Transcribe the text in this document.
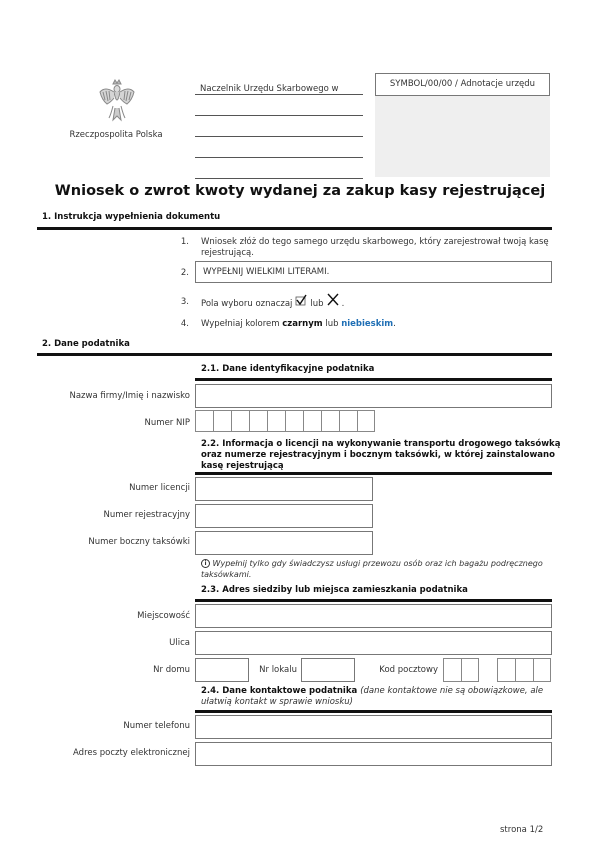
Rzeczpospolita Polska
Naczelnik Urzędu Skarbowego w	SYMBOL/00/00 / Adnotacje urzędu
Wniosek o zwrot kwoty wydanej za zakup kasy rejestrującej
1. Instrukcja wypełnienia dokumentu
1. Wniosek złóż do tego samego urzędu skarbowego, który zarejestrował twoją kasę
rejestrującą.
2.	WYPEŁNIJ WIELKIMI LITERAMI.
3. Pola wyboru oznaczaj lub .
4. Wypełniaj kolorem czarnym lub niebieskim.
2. Dane podatnika
2.1. Dane identyfikacyjne podatnika
Nazwa firmy/Imię i nazwisko
Numer NIP
2.2. Informacja o licencji na wykonywanie transportu drogowego taksówką
oraz numerze rejestracyjnym i bocznym taksówki, w której zainstalowano
kasę rejestrującą
Numer licencji
Numer rejestracyjny
Numer boczny taksówki
i Wypełnij tylko gdy świadczysz usługi przewozu osób oraz ich bagażu podręcznego
taksówkami.
2.3. Adres siedziby lub miejsca zamieszkania podatnika
Miejscowość
Ulica
Nr domu	Nr lokalu	Kod pocztowy
2.4. Dane kontaktowe podatnika (dane kontaktowe nie są obowiązkowe, ale
ułatwią kontakt w sprawie wniosku)
Numer telefonu
Adres poczty elektronicznej
strona 1/2
